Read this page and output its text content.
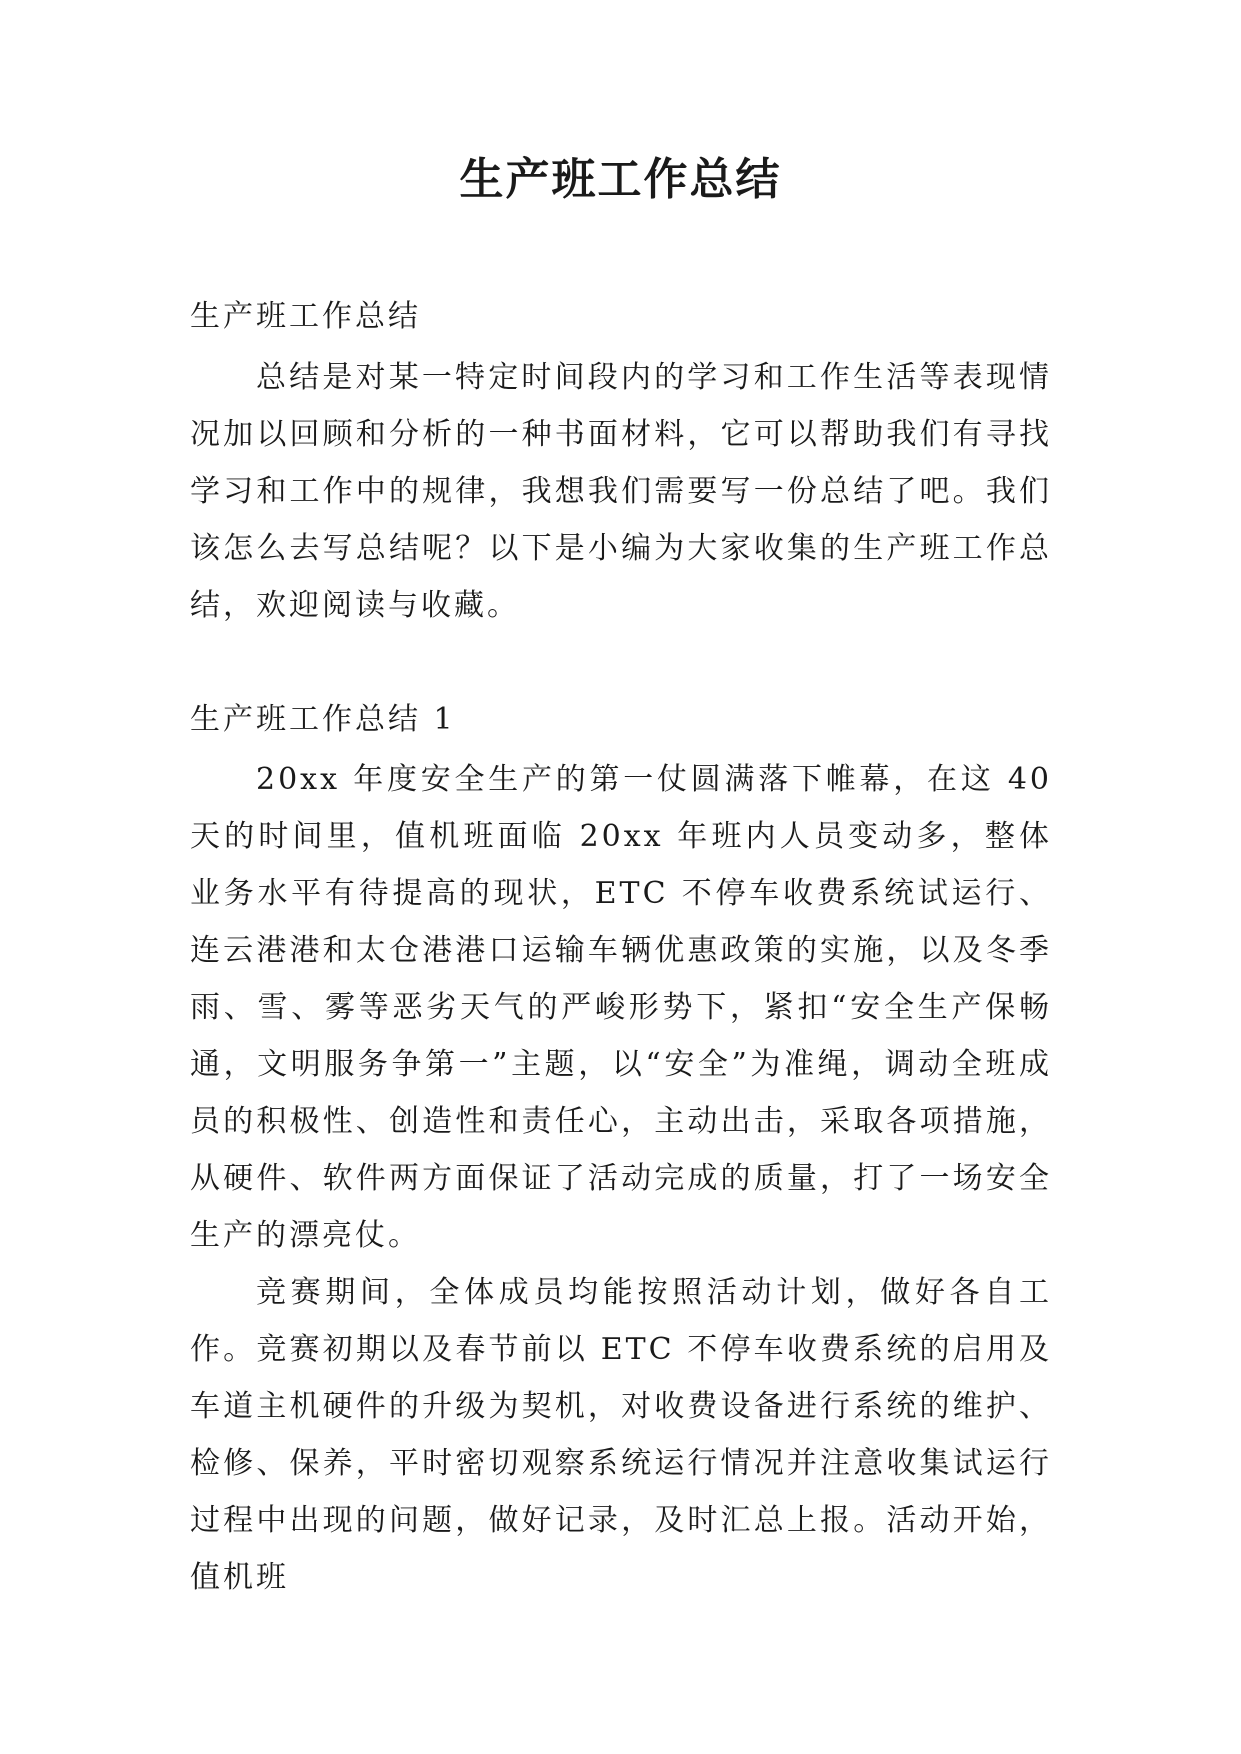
生产班工作总结
生产班工作总结
总结是对某一特定时间段内的学习和工作生活等表现情况加以回顾和分析的一种书面材料，它可以帮助我们有寻找学习和工作中的规律，我想我们需要写一份总结了吧。我们该怎么去写总结呢？以下是小编为大家收集的生产班工作总结，欢迎阅读与收藏。
生产班工作总结 1
20xx 年度安全生产的第一仗圆满落下帷幕，在这 40 天的时间里，值机班面临 20xx 年班内人员变动多，整体业务水平有待提高的现状，ETC 不停车收费系统试运行、连云港港和太仓港港口运输车辆优惠政策的实施，以及冬季雨、雪、雾等恶劣天气的严峻形势下，紧扣“安全生产保畅通，文明服务争第一”主题，以“安全”为准绳，调动全班成员的积极性、创造性和责任心，主动出击，采取各项措施，从硬件、软件两方面保证了活动完成的质量，打了一场安全生产的漂亮仗。
竞赛期间，全体成员均能按照活动计划，做好各自工作。竞赛初期以及春节前以 ETC 不停车收费系统的启用及车道主机硬件的升级为契机，对收费设备进行系统的维护、检修、保养，平时密切观察系统运行情况并注意收集试运行过程中出现的问题，做好记录，及时汇总上报。活动开始，值机班
